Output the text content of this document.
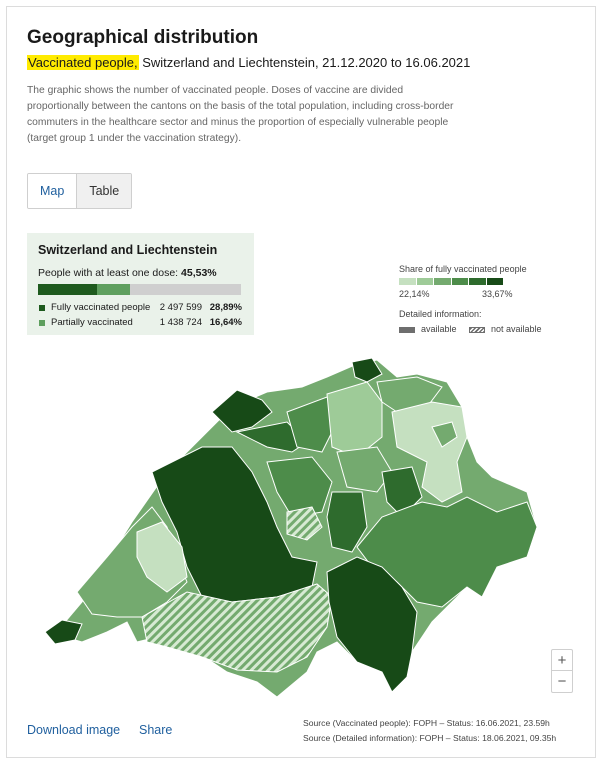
Geographical distribution
Vaccinated people, Switzerland and Liechtenstein, 21.12.2020 to 16.06.2021
The graphic shows the number of vaccinated people. Doses of vaccine are divided proportionally between the cantons on the basis of the total population, including cross-border commuters in the healthcare sector and minus the proportion of especially vulnerable people (target group 1 under the vaccination strategy).
Map	Table
Switzerland and Liechtenstein
People with at least one dose: 45,53%
Fully vaccinated people 2 497 599 28,89%
Partially vaccinated	1 438 724 16,64%
Share of fully vaccinated people
22,14%	33,67%
Detailed information:
available	not available
+
−
Download image Share	Source (Vaccinated people): FOPH – Status: 16.06.2021, 23.59h
Source (Detailed information): FOPH – Status: 18.06.2021, 09.35h
